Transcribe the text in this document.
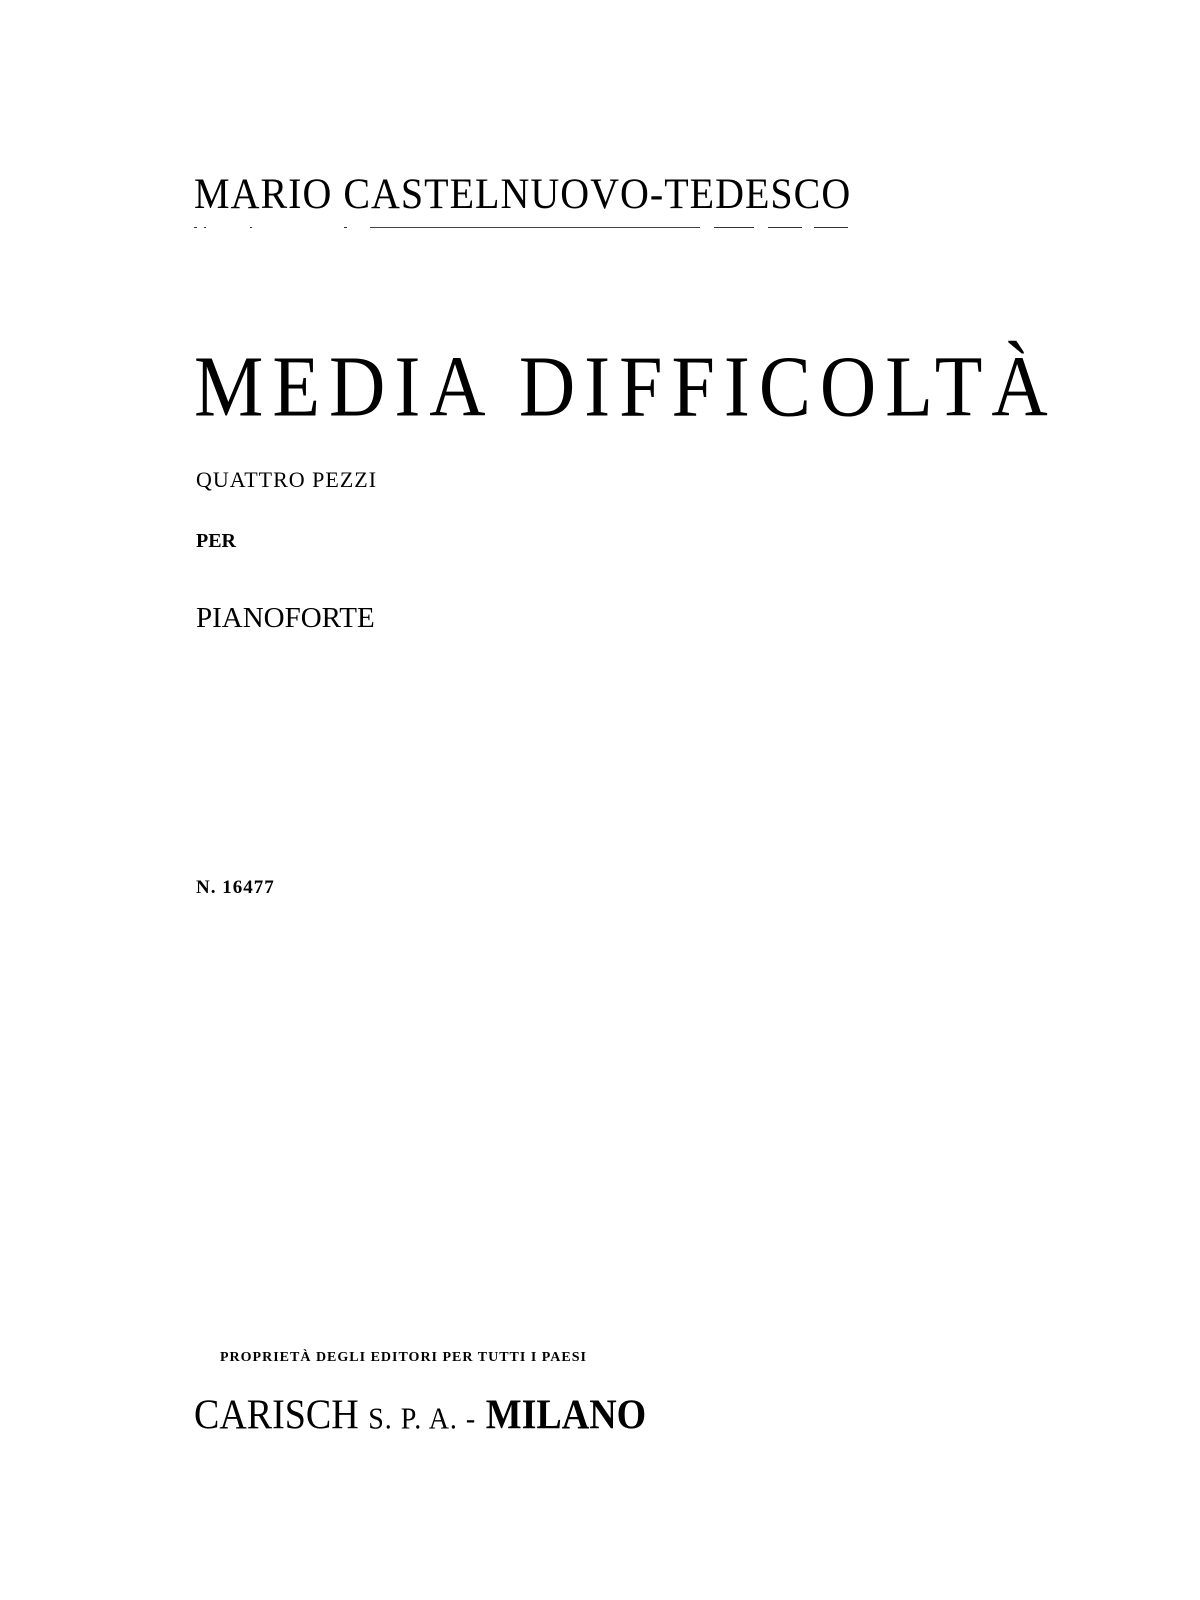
MARIO CASTELNUOVO-TEDESCO
MEDIA DIFFICOLTÀ
QUATTRO PEZZI
PER
PIANOFORTE
N. 16477
PROPRIETÀ DEGLI EDITORI PER TUTTI I PAESI
CARISCH S. P. A. - MILANO
